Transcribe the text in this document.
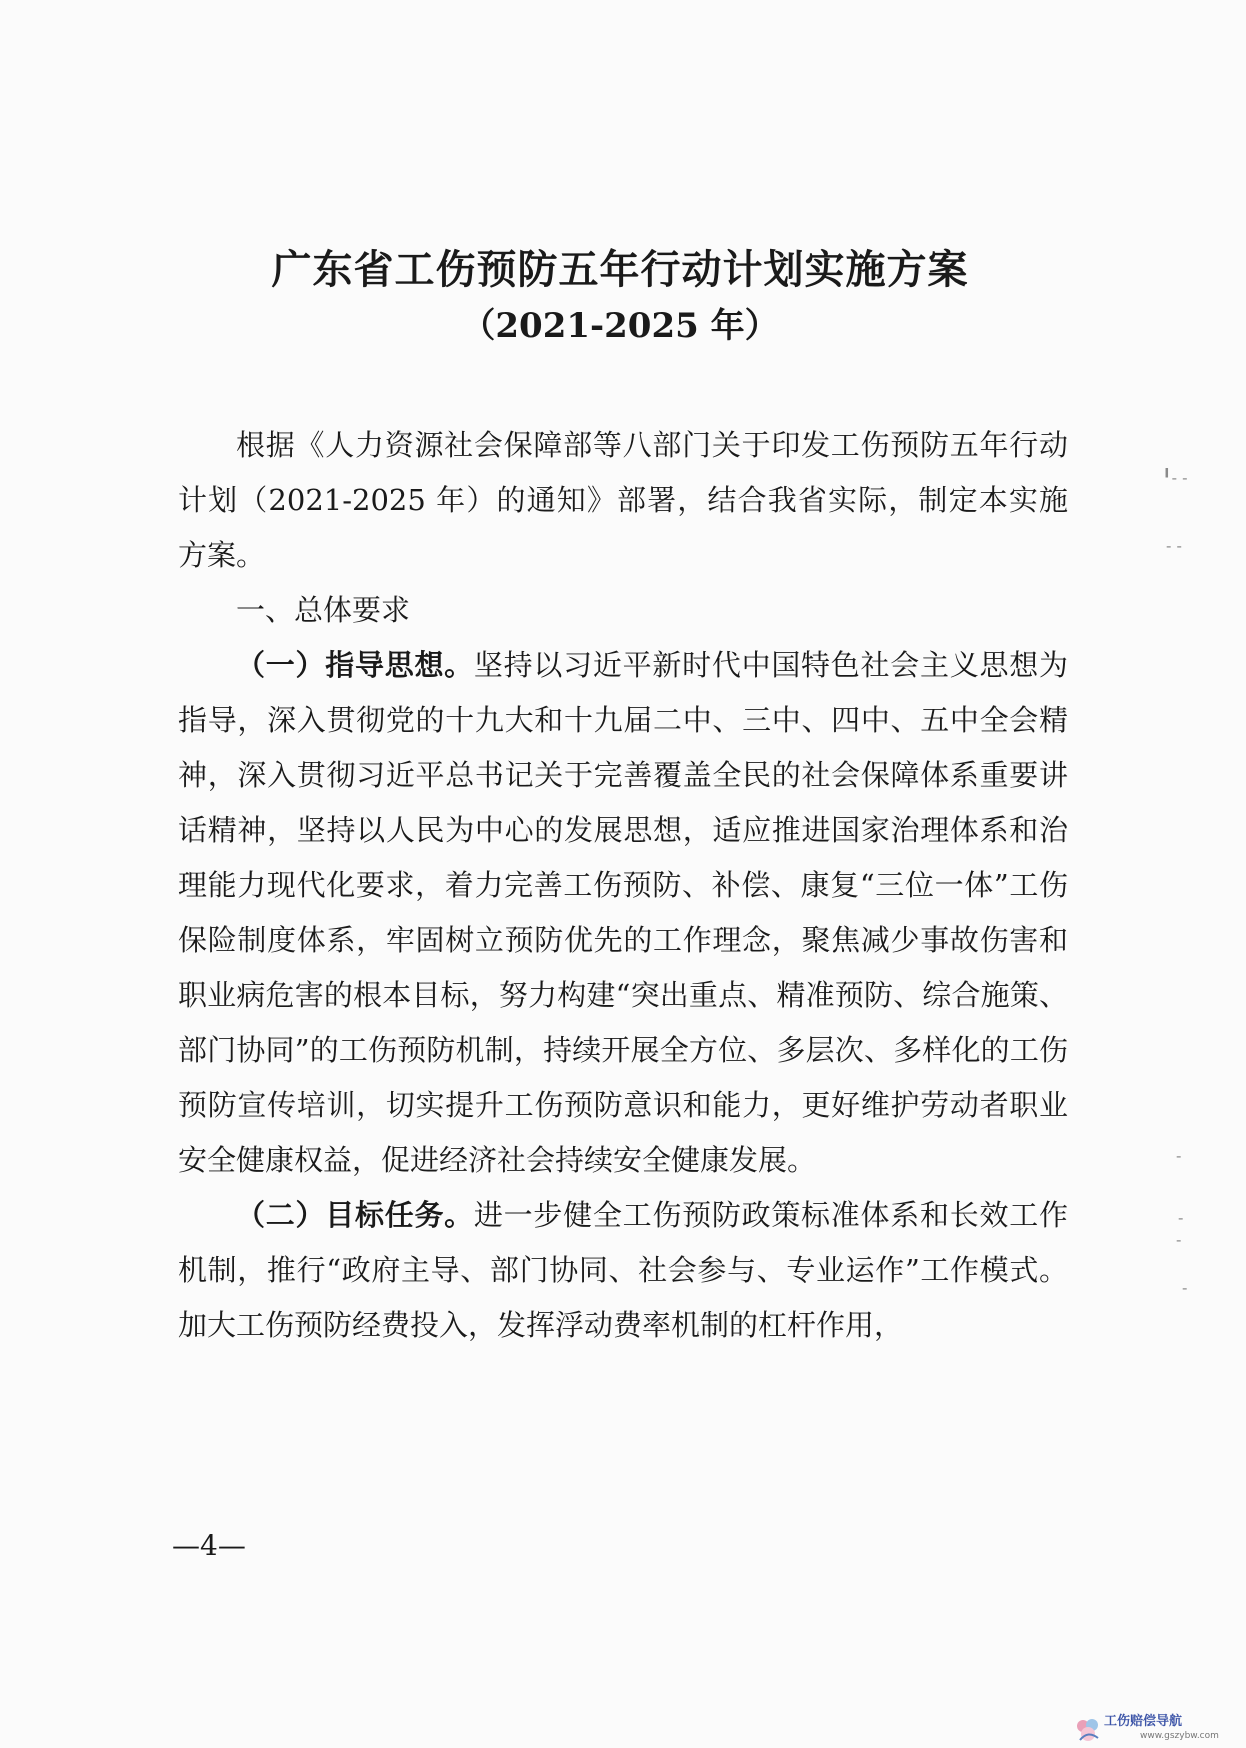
广东省工伤预防五年行动计划实施方案
（2021-2025 年）

根据《人力资源社会保障部等八部门关于印发工伤预防五年行动计划（2021-2025 年）的通知》部署，结合我省实际，制定本实施方案。

一、总体要求

（一）指导思想。坚持以习近平新时代中国特色社会主义思想为指导，深入贯彻党的十九大和十九届二中、三中、四中、五中全会精神，深入贯彻习近平总书记关于完善覆盖全民的社会保障体系重要讲话精神，坚持以人民为中心的发展思想，适应推进国家治理体系和治理能力现代化要求，着力完善工伤预防、补偿、康复“三位一体”工伤保险制度体系，牢固树立预防优先的工作理念，聚焦减少事故伤害和职业病危害的根本目标，努力构建“突出重点、精准预防、综合施策、部门协同”的工伤预防机制，持续开展全方位、多层次、多样化的工伤预防宣传培训，切实提升工伤预防意识和能力，更好维护劳动者职业安全健康权益，促进经济社会持续安全健康发展。

（二）目标任务。进一步健全工伤预防政策标准体系和长效工作机制，推行“政府主导、部门协同、社会参与、专业运作”工作模式。加大工伤预防经费投入，发挥浮动费率机制的杠杆作用，

—4—
╹‐ ‐
‐ ‐
‐
‐
‐
‐
工伤赔偿导航
www.gszybw.com
